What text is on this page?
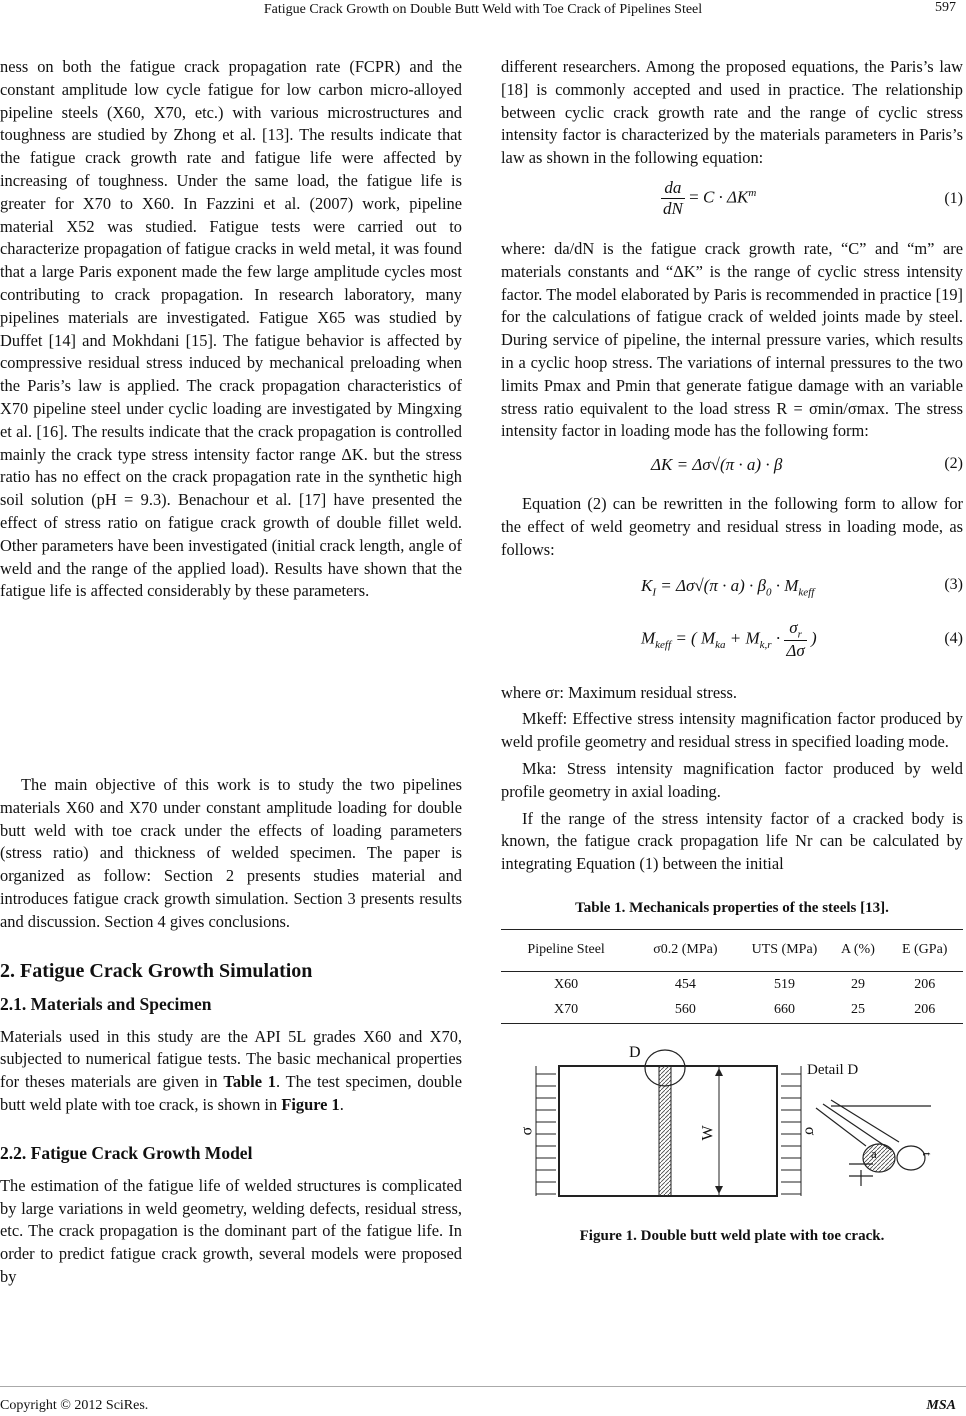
Fatigue Crack Growth on Double Butt Weld with Toe Crack of Pipelines Steel	597

ness on both the fatigue crack propagation rate (FCPR) and the constant amplitude low cycle fatigue for low carbon micro-alloyed pipeline steels (X60, X70, etc.) with various microstructures and toughness are studied by Zhong et al. [13]. The results indicate that the fatigue crack growth rate and fatigue life were affected by increasing of toughness. Under the same load, the fatigue life is greater for X70 to X60. In Fazzini et al. (2007) work, pipeline material X52 was studied. Fatigue tests were carried out to characterize propagation of fatigue cracks in weld metal, it was found that a large Paris exponent made the few large amplitude cycles most contributing to crack propagation. In research laboratory, many pipelines materials are investigated. Fatigue X65 was studied by Duffet [14] and Mokhdani [15]. The fatigue behavior is affected by compressive residual stress induced by mechanical preloading when the Paris’s law is applied. The crack propagation characteristics of X70 pipeline steel under cyclic loading are investigated by Mingxing et al. [16]. The results indicate that the crack propagation is controlled mainly the crack type stress intensity factor range ΔK. but the stress ratio has no effect on the crack propagation rate in the synthetic high soil solution (pH = 9.3). Benachour et al. [17] have presented the effect of stress ratio on fatigue crack growth of double fillet weld. Other parameters have been investigated (initial crack length, angle of weld and the range of the applied load). Results have shown that the fatigue life is affected considerably by these parameters.

The main objective of this work is to study the two pipelines materials X60 and X70 under constant amplitude loading for double butt weld with toe crack under the effects of loading parameters (stress ratio) and thickness of welded specimen. The paper is organized as follow: Section 2 presents studies material and introduces fatigue crack growth simulation. Section 3 presents results and discussion. Section 4 gives conclusions.

2. Fatigue Crack Growth Simulation
2.1. Materials and Specimen

Materials used in this study are the API 5L grades X60 and X70, subjected to numerical fatigue tests. The basic mechanical properties for theses materials are given in Table 1. The test specimen, double butt weld plate with toe crack, is shown in Figure 1.

2.2. Fatigue Crack Growth Model

The estimation of the fatigue life of welded structures is complicated by large variations in weld geometry, welding defects, residual stress, etc. The crack propagation is the dominant part of the fatigue life. In order to predict fatigue crack growth, several models were proposed by

different researchers. Among the proposed equations, the Paris’s law [18] is commonly accepted and used in practice. The relationship between cyclic crack growth rate and the range of cyclic stress intensity factor is characterized by the materials parameters in Paris’s law as shown in the following equation:

$\frac{da}{dN} = C \cdot \Delta K^m$	(1)

where: da/dN is the fatigue crack growth rate, “C” and “m” are materials constants and “ΔK” is the range of cyclic stress intensity factor. The model elaborated by Paris is recommended in practice [19] for the calculations of fatigue crack of welded joints made by steel. During service of pipeline, the internal pressure varies, which results in a cyclic hoop stress. The variations of internal pressures to the two limits Pmax and Pmin that generate fatigue damage with an variable stress ratio equivalent to the load stress R = σmin/σmax. The stress intensity factor in loading mode has the following form:

ΔK = Δσ√(π · a) · β	(2)

Equation (2) can be rewritten in the following form to allow for the effect of weld geometry and residual stress in loading mode, as follows:

$K_I = \Delta\sigma√(\pi \cdot a) \cdot \beta_0 \cdot M_{keff}$	(3)
$M_{keff}$ = ( $M_{ka} + M_{k,r} \cdot \frac{\sigma_r}{\Delta\sigma}$ )	(4)

where σr: Maximum residual stress.

Mkeff: Effective stress intensity magnification factor produced by weld profile geometry and residual stress in specified loading mode.

Mka: Stress intensity magnification factor produced by weld profile geometry in axial loading.

If the range of the stress intensity factor of a cracked body is known, the fatigue crack propagation life Nr can be calculated by integrating Equation (1) between the initial

Table 1. Mechanicals properties of the steels [13].
Pipeline Steel	σ0.2 (MPa)	UTS (MPa)	A (%)	E (GPa)
X60	454	519	29	206
X70	560	660	25	206
D
Detail D
W
σ	σ
a	t
Figure 1. Double butt weld plate with toe crack.
Copyright © 2012 SciRes.	MSA
